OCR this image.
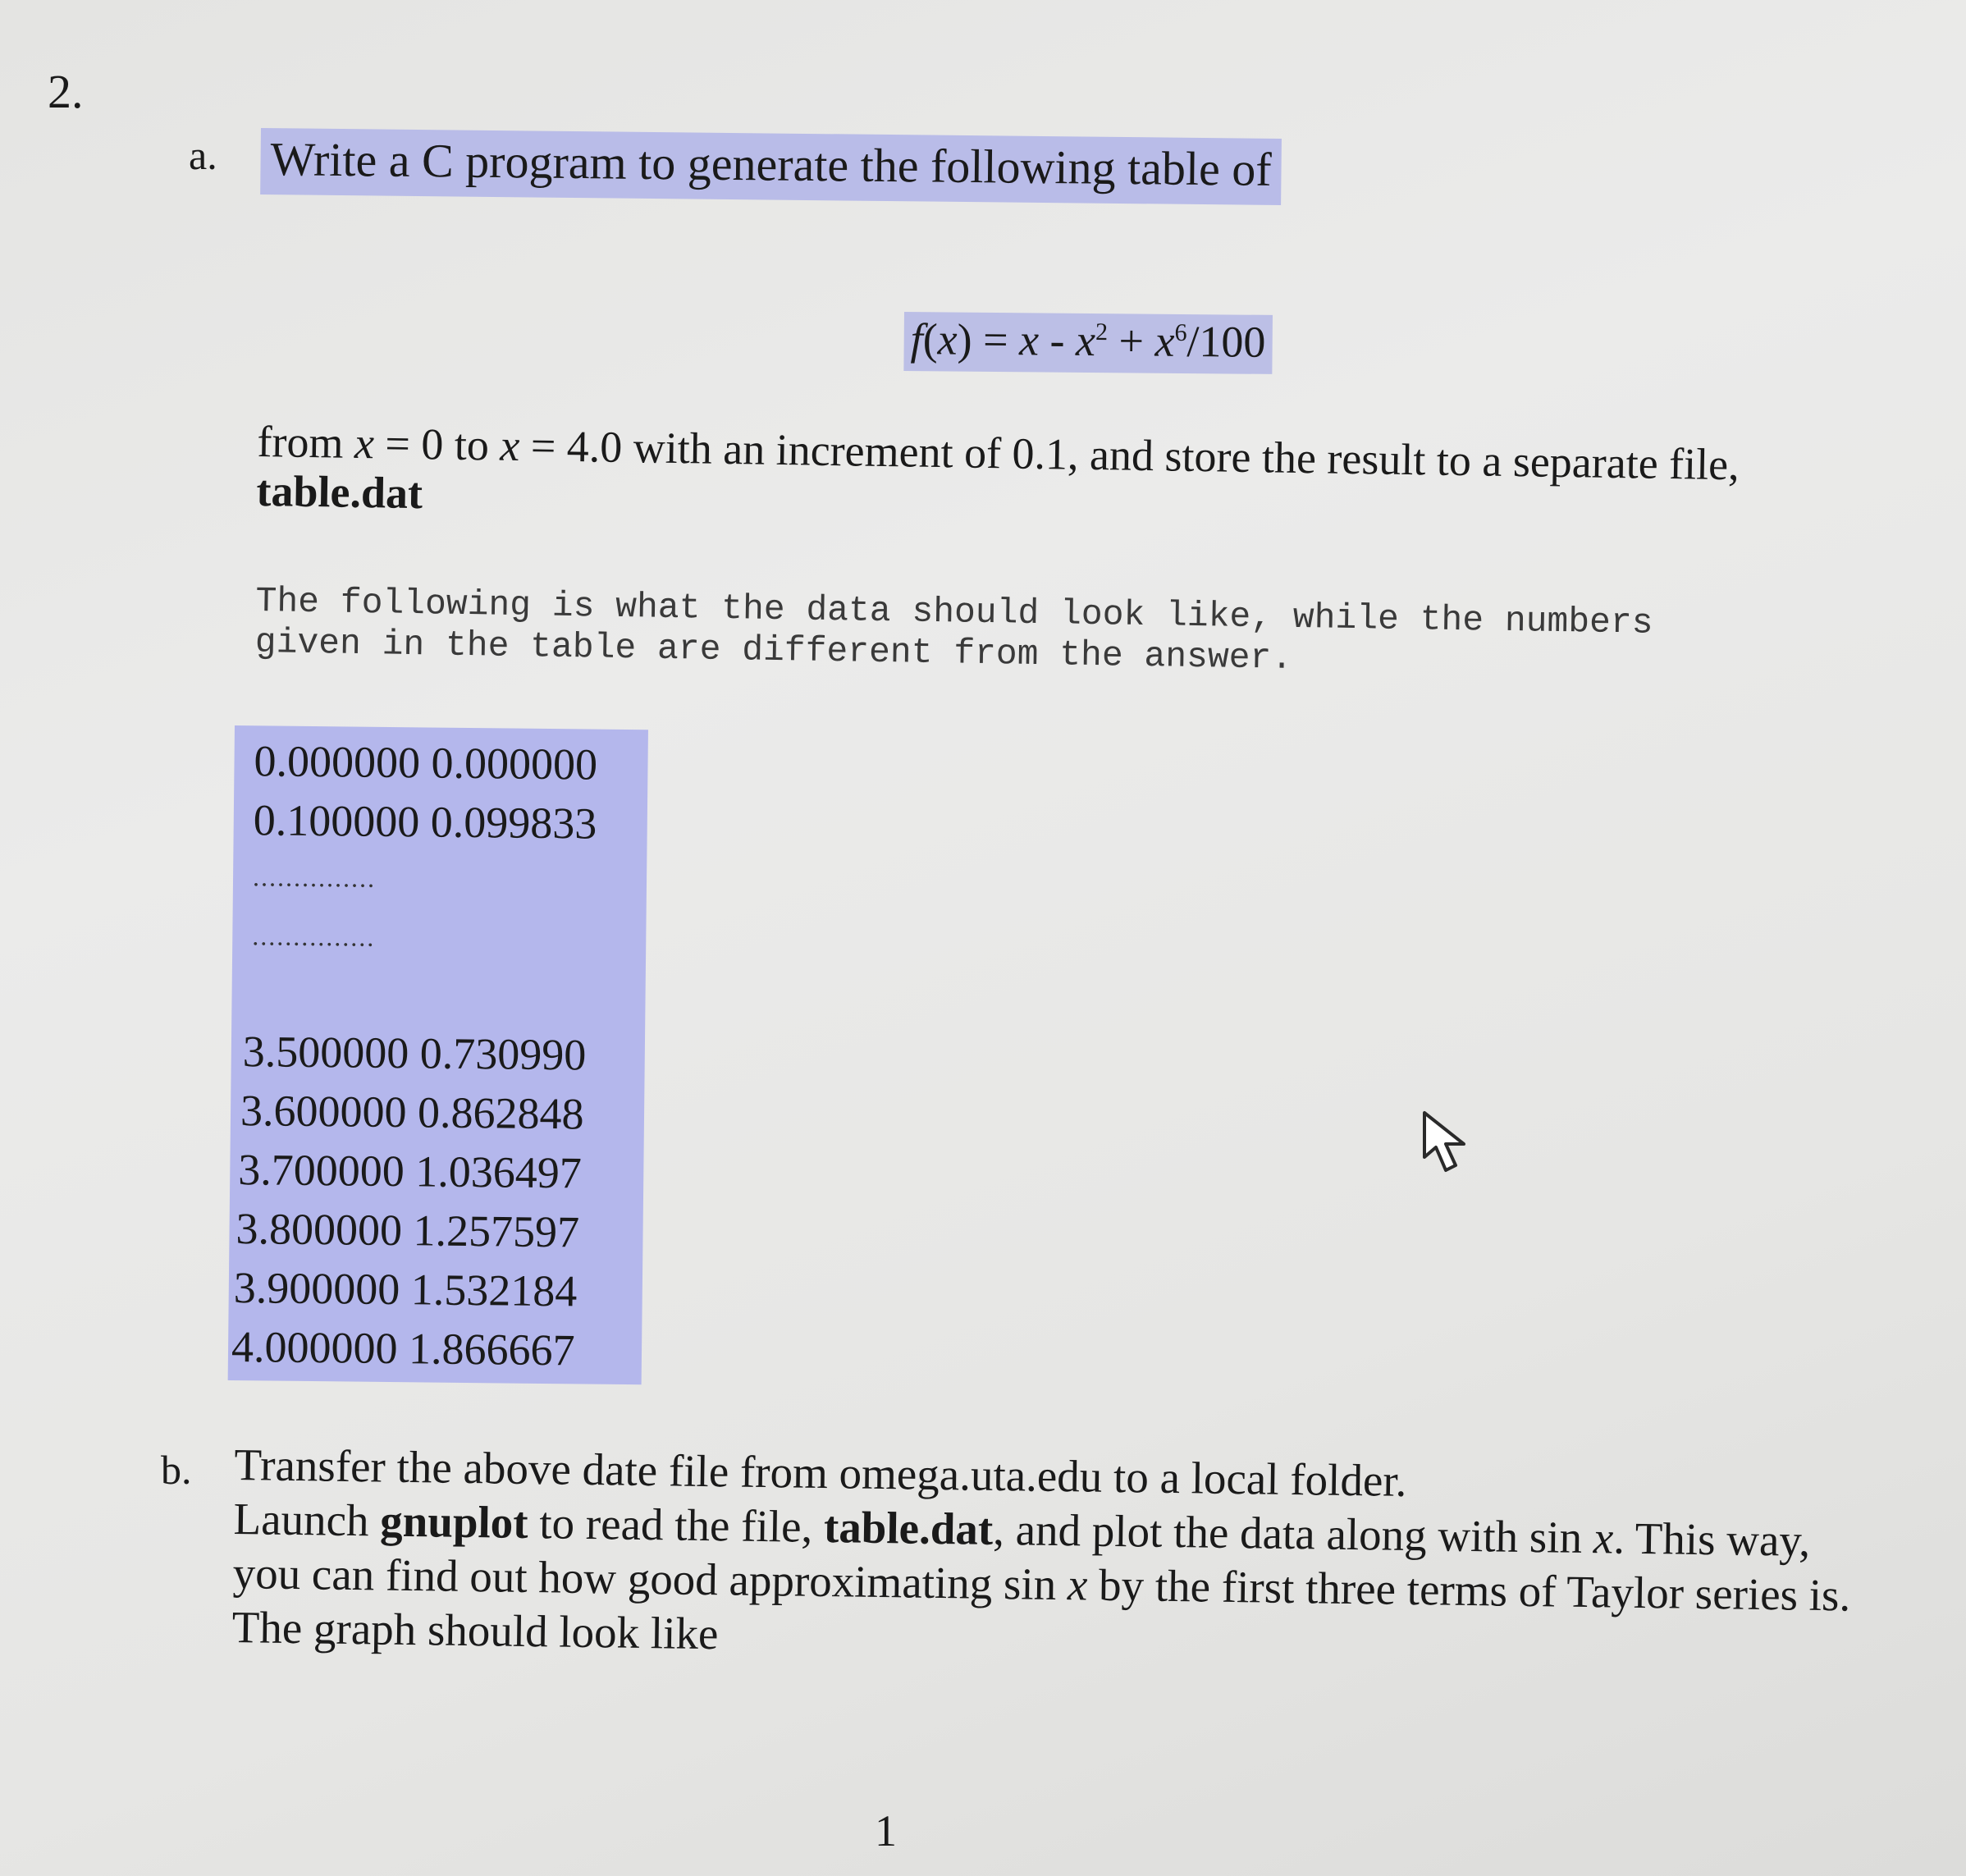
2.
a. Write a C program to generate the following table of
$f(x) = x - x^2 + x^6/100$
from x = 0 to x = 4.0 with an increment of 0.1, and store the result to a separate file, table.dat
The following is what the data should look like, while the numbers
given in the table are different from the answer.
0.000000 0.000000
0.100000 0.099833
...............
...............
3.500000 0.730990
3.600000 0.862848
3.700000 1.036497
3.800000 1.257597
3.900000 1.532184
4.000000 1.866667
b. Transfer the above date file from omega.uta.edu to a local folder.
Launch gnuplot to read the file, table.dat, and plot the data along with sin x. This way, you can find out how good approximating sin x by the first three terms of Taylor series is. The graph should look like
1
